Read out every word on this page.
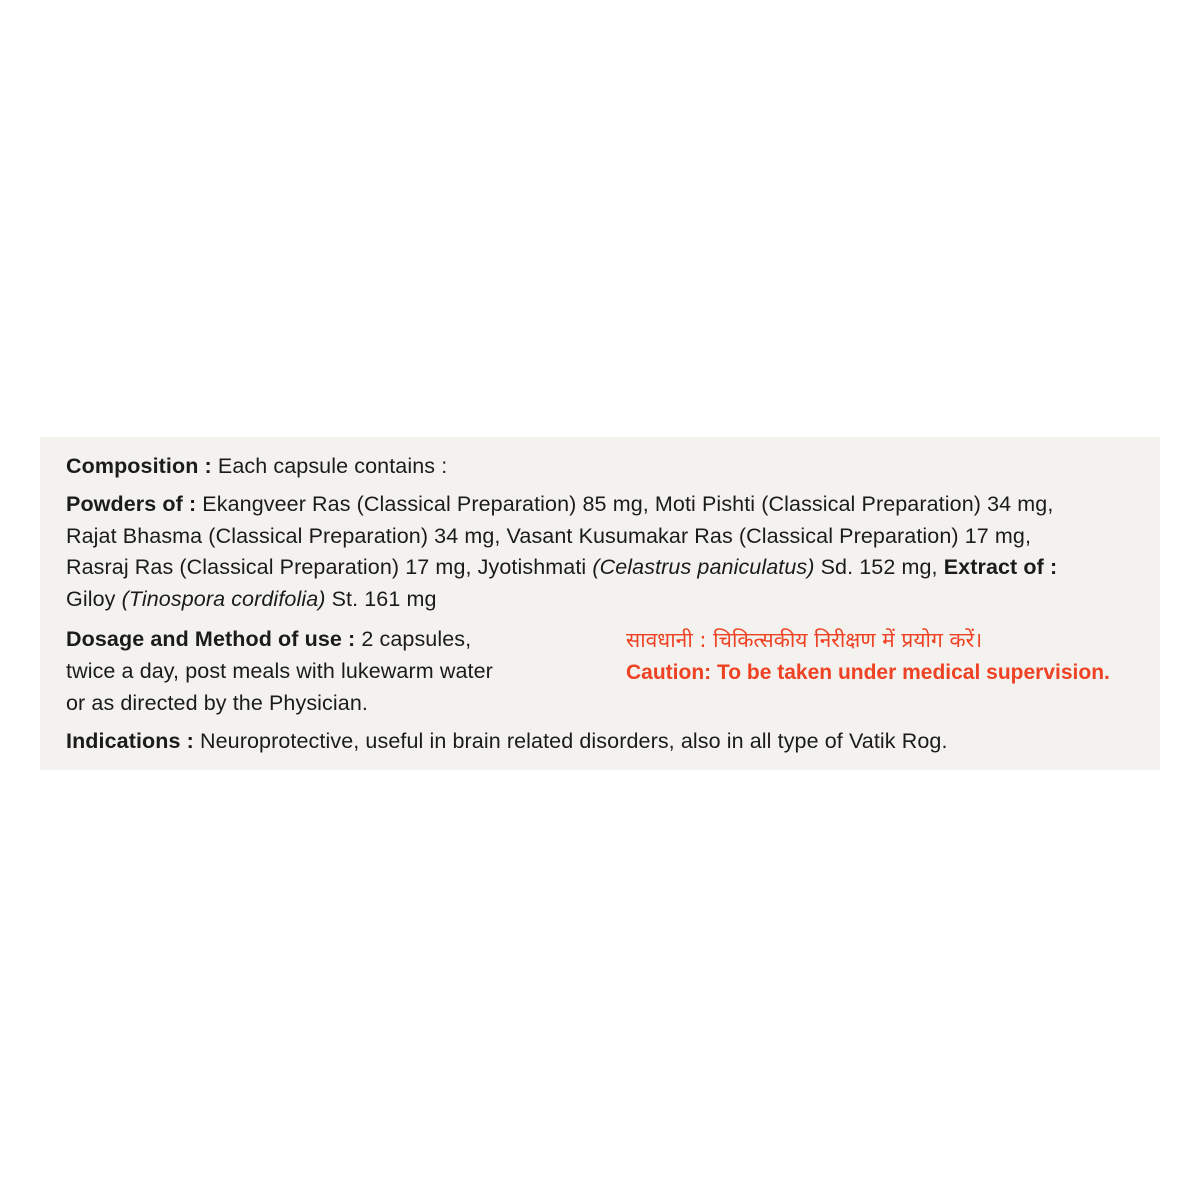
Composition : Each capsule contains :

Powders of : Ekangveer Ras (Classical Preparation) 85 mg, Moti Pishti (Classical Preparation) 34 mg,

Rajat Bhasma (Classical Preparation) 34 mg, Vasant Kusumakar Ras (Classical Preparation) 17 mg,

Rasraj Ras (Classical Preparation) 17 mg, Jyotishmati (Celastrus paniculatus) Sd. 152 mg, Extract of :

Giloy (Tinospora cordifolia) St. 161 mg

Dosage and Method of use : 2 capsules,

twice a day, post meals with lukewarm water

or as directed by the Physician.

सावधानी : चिकित्सकीय निरीक्षण में प्रयोग करें।

Caution: To be taken under medical supervision.

Indications : Neuroprotective, useful in brain related disorders, also in all type of Vatik Rog.
